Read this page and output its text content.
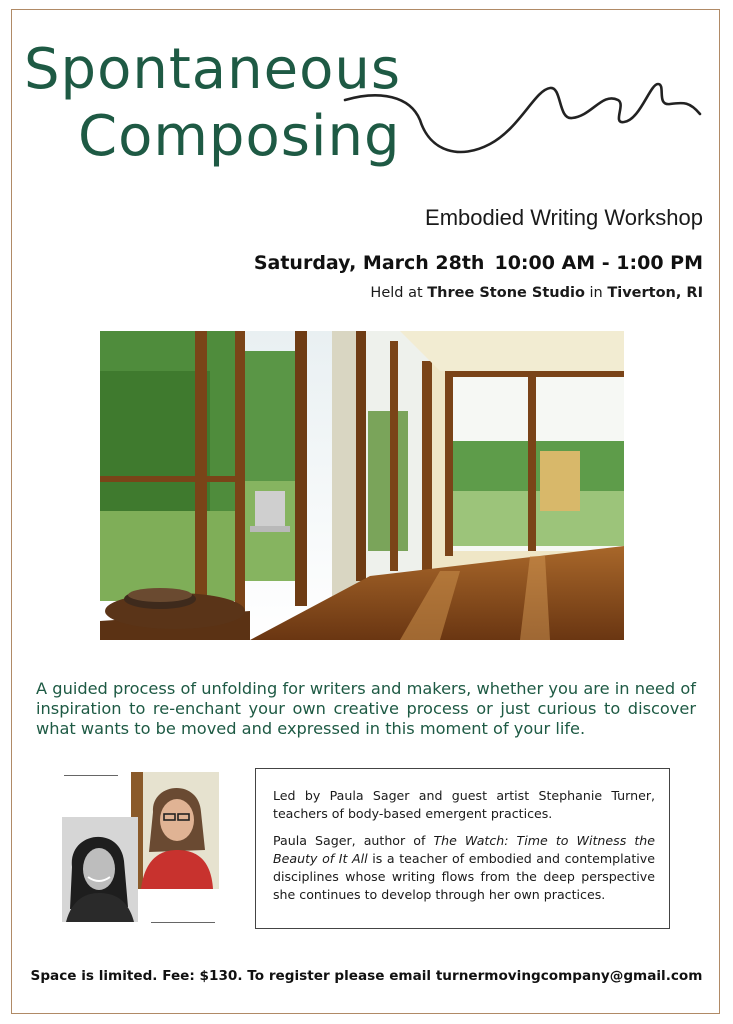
Spontaneous
Composing
Embodied Writing Workshop
Saturday, March 28th 10:00 AM - 1:00 PM
Held at Three Stone Studio in Tiverton, RI
A guided process of unfolding for writers and makers, whether you are in need of inspiration to re-enchant your own creative process or just curious to discover what wants to be moved and expressed in this moment of your life.

Led by Paula Sager and guest artist Stephanie Turner, teachers of body-based emergent practices.

Paula Sager, author of The Watch: Time to Witness the Beauty of It All is a teacher of embodied and contemplative disciplines whose writing flows from the deep perspective she continues to develop through her own practices.

Space is limited. Fee: $130. To register please email turnermovingcompany@gmail.com
